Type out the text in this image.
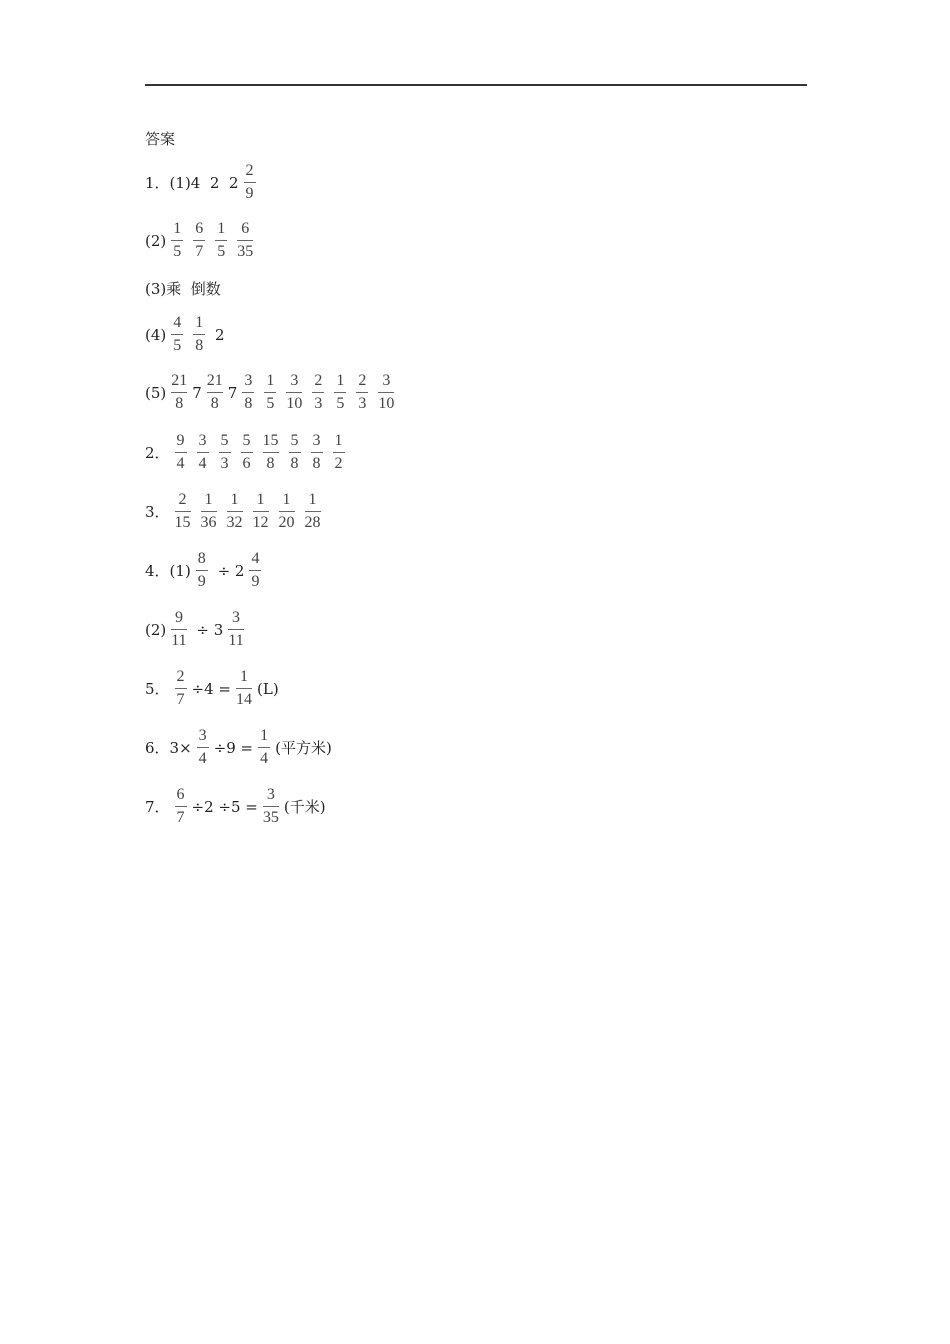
答案
1．(1)4  2  $2 \frac{2}{9}$
$(2) \frac{1}{5} \frac{6}{7} \frac{1}{5} \frac{6}{35}$
(3)乘  倒数
$(4) \frac{4}{5} \frac{1}{8} 2$
$(5) \frac{21}{8} 7 \frac{21}{8} 7 \frac{3}{8} \frac{1}{5} \frac{3}{10} \frac{2}{3} \frac{1}{5} \frac{2}{3} \frac{3}{10}$
2． $\frac{9}{4} \frac{3}{4} \frac{5}{3} \frac{5}{6} \frac{15}{8} \frac{5}{8} \frac{3}{8} \frac{1}{2}$
3． $\frac{2}{15} \frac{1}{36} \frac{1}{32} \frac{1}{12} \frac{1}{20} \frac{1}{28}$
4．$(1) \frac{8}{9} \div 2 \frac{4}{9}$
$(2) \frac{9}{11} \div 3 \frac{3}{11}$
5． $\frac{2}{7} \div 4 = \frac{1}{14} (L)$
6．$3\times \frac{3}{4} \div 9 = \frac{1}{4}$ (平方米)
7． $\frac{6}{7} \div 2 \div 5 = \frac{3}{35}$ (千米)
